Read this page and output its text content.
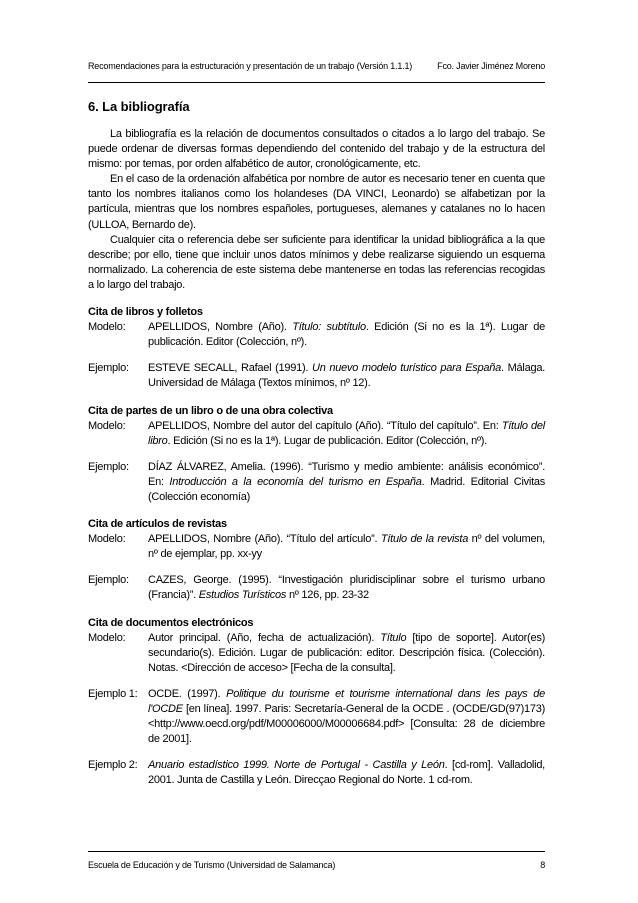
Recomendaciones para la estructuración y presentación de un trabajo (Versión 1.1.1)	Fco. Javier Jiménez Moreno
6. La bibliografía

La bibliografía es la relación de documentos consultados o citados a lo largo del trabajo. Se puede ordenar de diversas formas dependiendo del contenido del trabajo y de la estructura del mismo: por temas, por orden alfabético de autor, cronológicamente, etc.

En el caso de la ordenación alfabética por nombre de autor es necesario tener en cuenta que tanto los nombres italianos como los holandeses (DA VINCI, Leonardo) se alfabetizan por la partícula, mientras que los nombres españoles, portugueses, alemanes y catalanes no lo hacen (ULLOA, Bernardo de).

Cualquier cita o referencia debe ser suficiente para identificar la unidad bibliográfica a la que describe; por ello, tiene que incluir unos datos mínimos y debe realizarse siguiendo un esquema normalizado. La coherencia de este sistema debe mantenerse en todas las referencias recogidas a lo largo del trabajo.

Cita de libros y folletos

Modelo:	APELLIDOS, Nombre (Año). Título: subtítulo. Edición (Si no es la 1ª). Lugar de publicación. Editor (Colección, nº).
Ejemplo:	ESTEVE SECALL, Rafael (1991). Un nuevo modelo turístico para España. Málaga. Universidad de Málaga (Textos mínimos, nº 12).

Cita de partes de un libro o de una obra colectiva

Modelo:	APELLIDOS, Nombre del autor del capítulo (Año). “Título del capítulo”. En: Título del libro. Edición (Si no es la 1ª). Lugar de publicación. Editor (Colección, nº).
Ejemplo:	DÍAZ ÁLVAREZ, Amelia. (1996). “Turismo y medio ambiente: análisis económico”. En: Introducción a la economía del turismo en España. Madrid. Editorial Civitas (Colección economía)

Cita de artículos de revistas

Modelo:	APELLIDOS, Nombre (Año). “Título del artículo”. Título de la revista nº del volumen, nº de ejemplar, pp. xx-yy
Ejemplo:	CAZES, George. (1995). “Investigación pluridisciplinar sobre el turismo urbano (Francia)”. Estudios Turísticos nº 126, pp. 23-32

Cita de documentos electrónicos

Modelo:	Autor principal. (Año, fecha de actualización). Título [tipo de soporte]. Autor(es) secundario(s). Edición. Lugar de publicación: editor. Descripción física. (Colección). Notas. <Dirección de acceso> [Fecha de la consulta].
Ejemplo 1: OCDE. (1997). Politique du tourisme et tourisme international dans les pays de l'OCDE [en línea]. 1997. Paris: Secretaría-General de la OCDE . (OCDE/GD(97)173) <http://www.oecd.org/pdf/M00006000/M00006684.pdf> [Consulta: 28 de diciembre de 2001].
Ejemplo 2: Anuario estadístico 1999. Norte de Portugal - Castilla y León. [cd-rom]. Valladolid, 2001. Junta de Castilla y León. Direcçao Regional do Norte. 1 cd-rom.
Escuela de Educación y de Turismo (Universidad de Salamanca)	8
